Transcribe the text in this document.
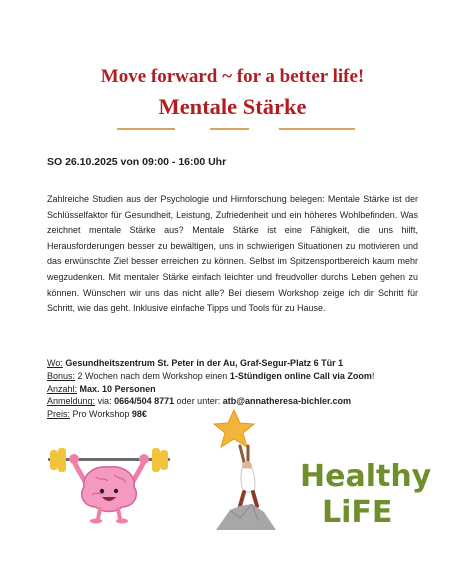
Move forward ~ for a better life!
Mentale Stärke

SO 26.10.2025 von 09:00 - 16:00 Uhr

Zahlreiche Studien aus der Psychologie und Hirnforschung belegen: Mentale Stärke ist der Schlüsselfaktor für Gesundheit, Leistung, Zufriedenheit und ein höheres Wohlbefinden. Was zeichnet mentale Stärke aus? Mentale Stärke ist eine Fähigkeit, die uns hilft, Herausforderungen besser zu bewältigen, uns in schwierigen Situationen zu motivieren und das erwünschte Ziel besser erreichen zu können. Selbst im Spitzensportbereich kaum mehr wegzudenken. Mit mentaler Stärke einfach leichter und freudvoller durchs Leben gehen zu können. Wünschen wir uns das nicht alle? Bei diesem Workshop zeige ich dir Schritt für Schritt, wie das geht. Inklusive einfache Tipps und Tools für zu Hause.

Wo: Gesundheitszentrum St. Peter in der Au, Graf-Segur-Platz 6 Tür 1
Bonus: 2 Wochen nach dem Workshop einen 1-Stündigen online Call via Zoom!
Anzahl: Max. 10 Personen
Anmeldung: via: 0664/504 8771 oder unter: atb@annatheresa-bichler.com
Preis: Pro Workshop 98€
Healthy
LiFE
